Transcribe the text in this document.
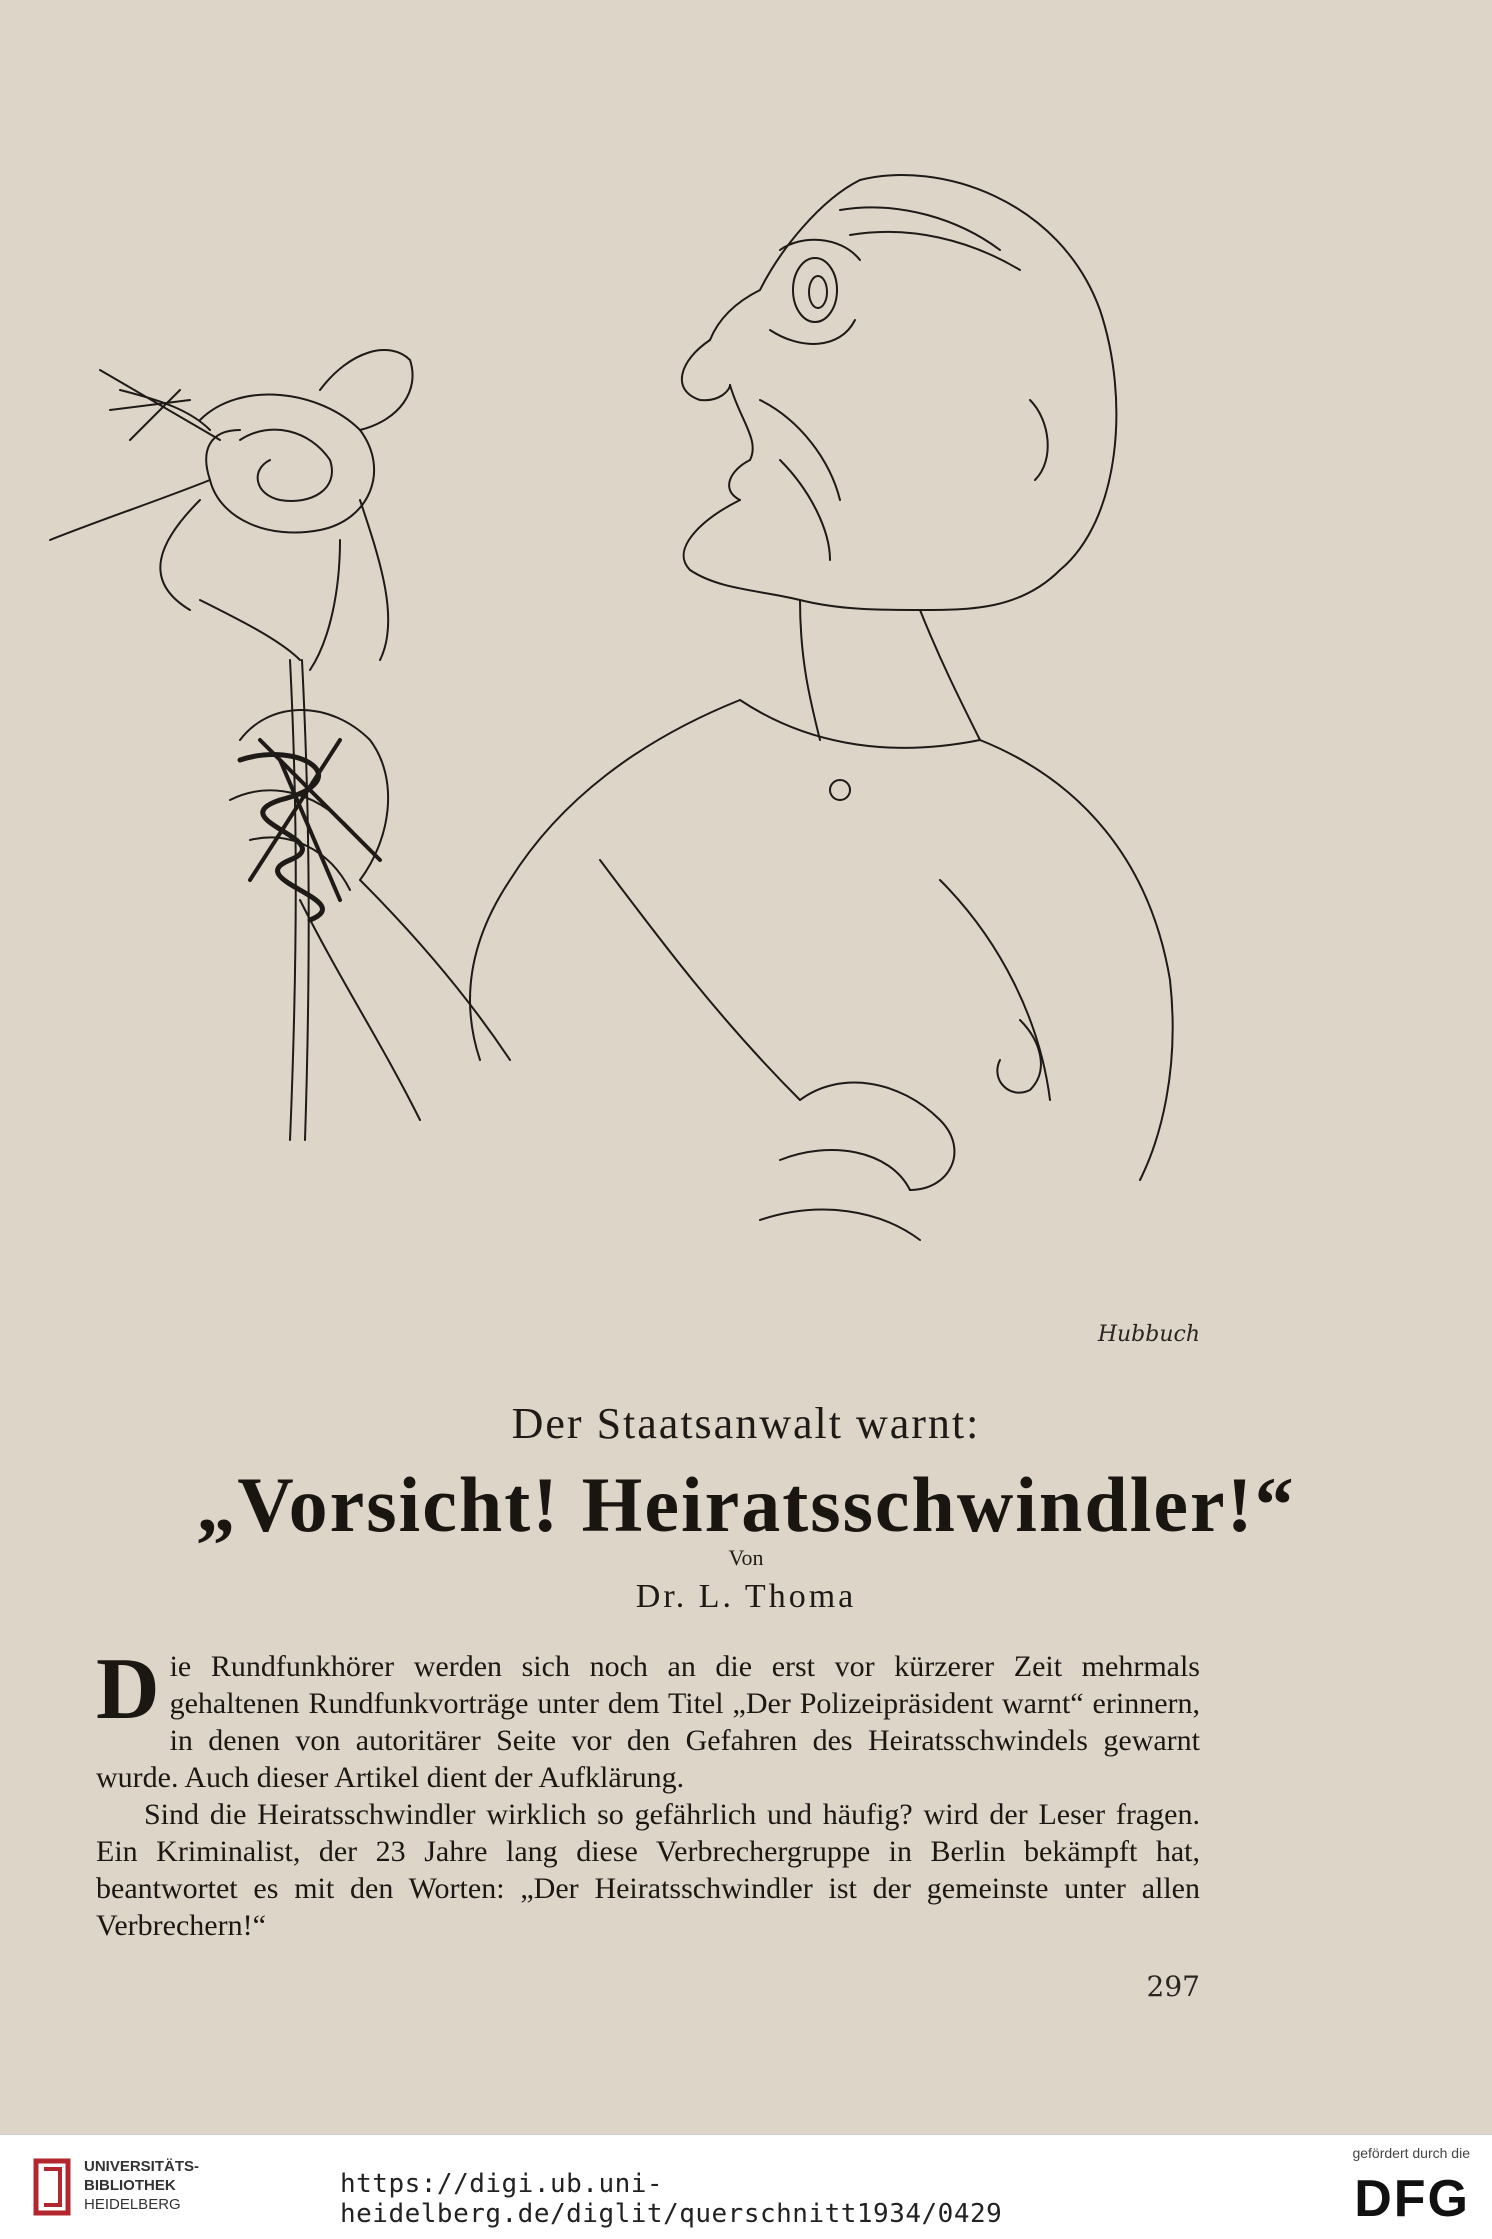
Hubbuch
Der Staatsanwalt warnt:
„Vorsicht! Heiratsschwindler!“
Von
Dr. L. Thoma

Die Rundfunkhörer werden sich noch an die erst vor kürzerer Zeit mehrmals gehaltenen Rundfunkvorträge unter dem Titel „Der Polizeipräsident warnt“ erinnern, in denen von autoritärer Seite vor den Gefahren des Heiratsschwindels gewarnt wurde. Auch dieser Artikel dient der Aufklärung.

Sind die Heiratsschwindler wirklich so gefährlich und häufig? wird der Leser fragen. Ein Kriminalist, der 23 Jahre lang diese Verbrechergruppe in Berlin bekämpft hat, beantwortet es mit den Worten: „Der Heiratsschwindler ist der gemeinste unter allen Verbrechern!“

297
UNIVERSITÄTS-
BIBLIOTHEK
HEIDELBERG
https://digi.ub.uni-heidelberg.de/diglit/querschnitt1934/0429
gefördert durch die
DFG
